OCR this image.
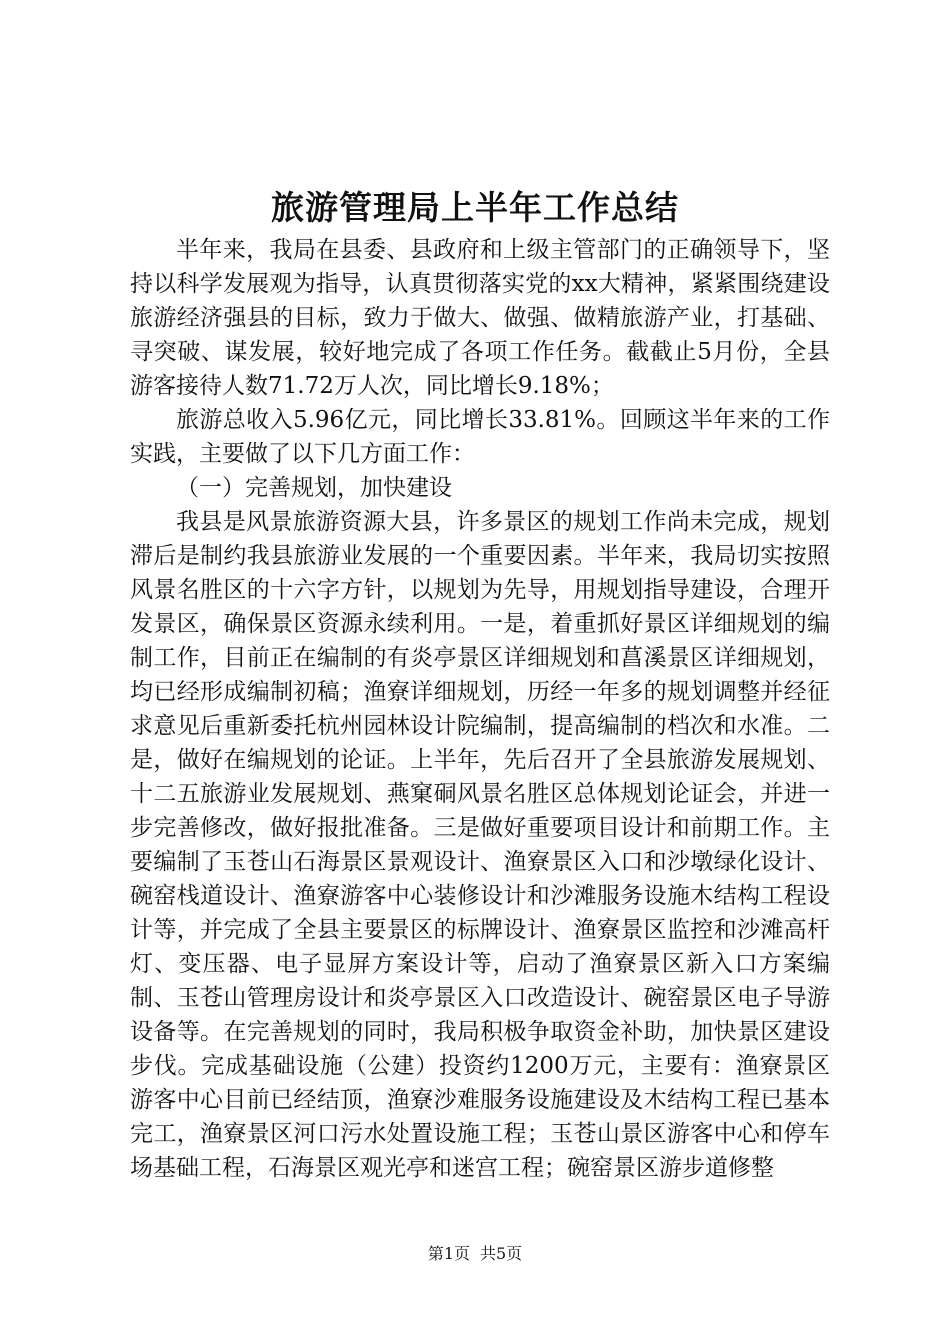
旅游管理局上半年工作总结

半年来，我局在县委、县政府和上级主管部门的正确领导下，坚持以科学发展观为指导，认真贯彻落实党的xx大精神，紧紧围绕建设旅游经济强县的目标，致力于做大、做强、做精旅游产业，打基础、寻突破、谋发展，较好地完成了各项工作任务。截截止5月份，全县游客接待人数71.72万人次，同比增长9.18%；

旅游总收入5.96亿元，同比增长33.81%。回顾这半年来的工作实践，主要做了以下几方面工作：

（一）完善规划，加快建设

我县是风景旅游资源大县，许多景区的规划工作尚未完成，规划滞后是制约我县旅游业发展的一个重要因素。半年来，我局切实按照风景名胜区的十六字方针，以规划为先导，用规划指导建设，合理开发景区，确保景区资源永续利用。一是，着重抓好景区详细规划的编制工作，目前正在编制的有炎亭景区详细规划和菖溪景区详细规划，均已经形成编制初稿；渔寮详细规划，历经一年多的规划调整并经征求意见后重新委托杭州园林设计院编制，提高编制的档次和水准。二是，做好在编规划的论证。上半年，先后召开了全县旅游发展规划、十二五旅游业发展规划、燕窠硐风景名胜区总体规划论证会，并进一步完善修改，做好报批准备。三是做好重要项目设计和前期工作。主要编制了玉苍山石海景区景观设计、渔寮景区入口和沙墩绿化设计、碗窑栈道设计、渔寮游客中心装修设计和沙滩服务设施木结构工程设计等，并完成了全县主要景区的标牌设计、渔寮景区监控和沙滩高杆灯、变压器、电子显屏方案设计等，启动了渔寮景区新入口方案编制、玉苍山管理房设计和炎亭景区入口改造设计、碗窑景区电子导游设备等。在完善规划的同时，我局积极争取资金补助，加快景区建设步伐。完成基础设施（公建）投资约1200万元，主要有：渔寮景区游客中心目前已经结顶，渔寮沙难服务设施建设及木结构工程已基本完工，渔寮景区河口污水处置设施工程；玉苍山景区游客中心和停车场基础工程，石海景区观光亭和迷宫工程；碗窑景区游步道修整

第1页 共5页
